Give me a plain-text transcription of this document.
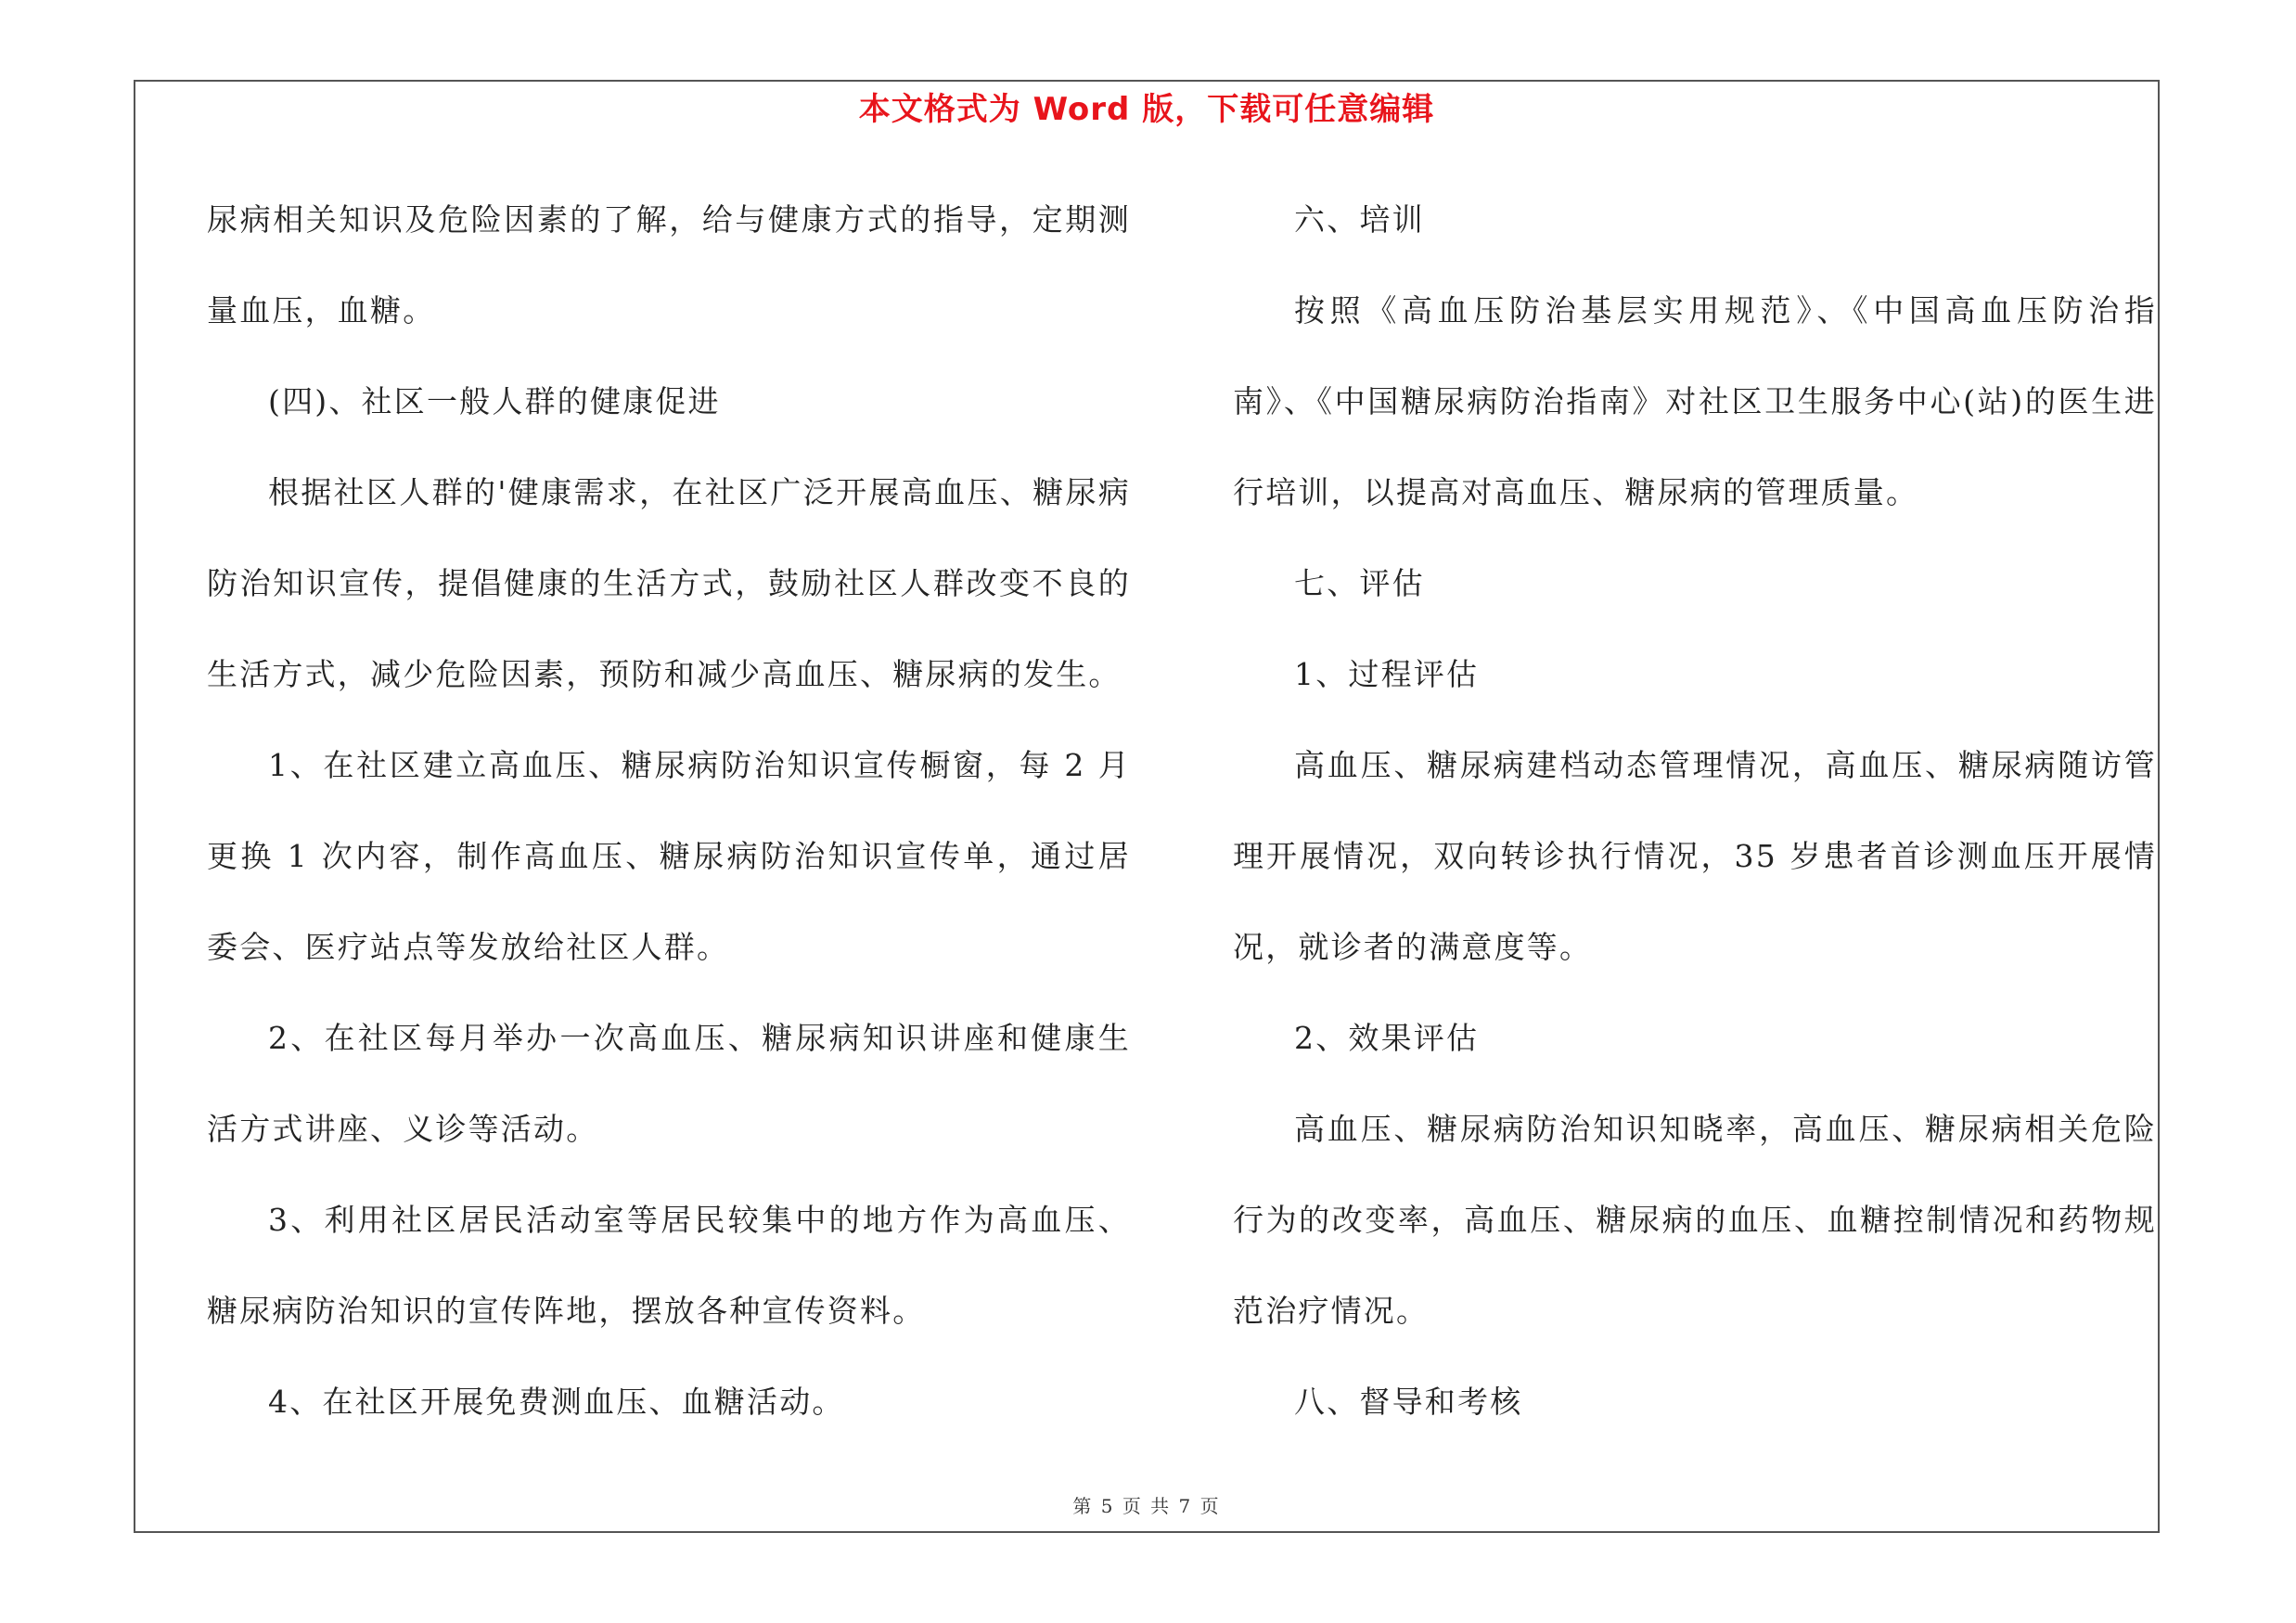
本文格式为 Word 版，下载可任意编辑

尿病相关知识及危险因素的了解，给与健康方式的指导，定期测量血压，血糖。

(四)、社区一般人群的健康促进

根据社区人群的'健康需求，在社区广泛开展高血压、糖尿病防治知识宣传，提倡健康的生活方式，鼓励社区人群改变不良的生活方式，减少危险因素，预防和减少高血压、糖尿病的发生。

1、在社区建立高血压、糖尿病防治知识宣传橱窗，每 2 月更换 1 次内容，制作高血压、糖尿病防治知识宣传单，通过居委会、医疗站点等发放给社区人群。

2、在社区每月举办一次高血压、糖尿病知识讲座和健康生活方式讲座、义诊等活动。

3、利用社区居民活动室等居民较集中的地方作为高血压、糖尿病防治知识的宣传阵地，摆放各种宣传资料。

4、在社区开展免费测血压、血糖活动。

六、培训

按照《高血压防治基层实用规范》、《中国高血压防治指南》、《中国糖尿病防治指南》对社区卫生服务中心(站)的医生进行培训，以提高对高血压、糖尿病的管理质量。

七、评估

1、过程评估

高血压、糖尿病建档动态管理情况，高血压、糖尿病随访管理开展情况，双向转诊执行情况，35 岁患者首诊测血压开展情况，就诊者的满意度等。

2、效果评估

高血压、糖尿病防治知识知晓率，高血压、糖尿病相关危险行为的改变率，高血压、糖尿病的血压、血糖控制情况和药物规范治疗情况。

八、督导和考核

第 5 页 共 7 页
